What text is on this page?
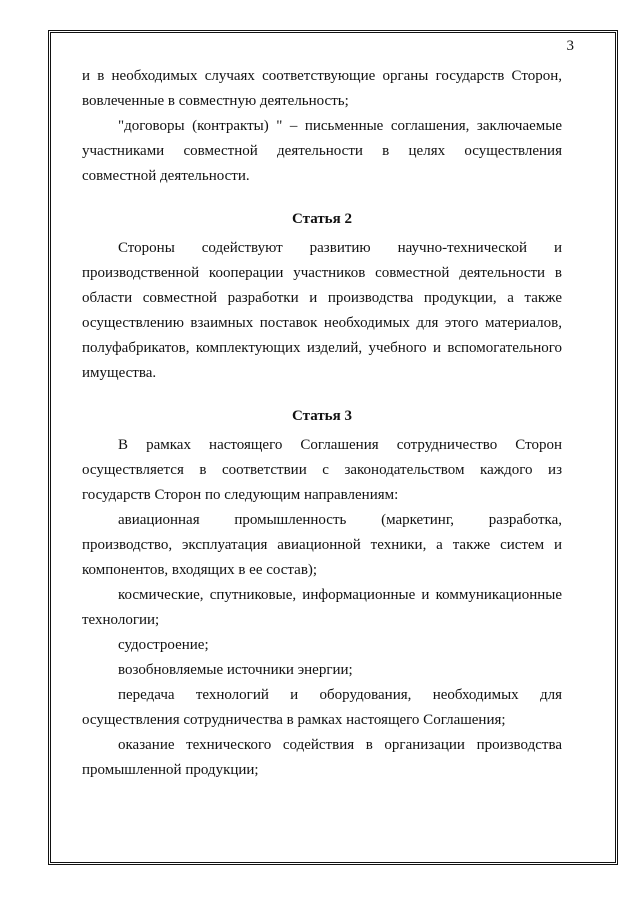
3

и в необходимых случаях соответствующие органы государств Сторон, вовлеченные в совместную деятельность;

"договоры (контракты) " – письменные соглашения, заключаемые участниками совместной деятельности в целях осуществления совместной деятельности.

Статья 2

Стороны содействуют развитию научно-технической и производственной кооперации участников совместной деятельности в области совместной разработки и производства продукции, а также осуществлению взаимных поставок необходимых для этого материалов, полуфабрикатов, комплектующих изделий, учебного и вспомогательного имущества.

Статья 3

В рамках настоящего Соглашения сотрудничество Сторон осуществляется в соответствии с законодательством каждого из государств Сторон по следующим направлениям:

авиационная промышленность (маркетинг, разработка, производство, эксплуатация авиационной техники, а также систем и компонентов, входящих в ее состав);

космические, спутниковые, информационные и коммуникационные технологии;

судостроение;

возобновляемые источники энергии;

передача технологий и оборудования, необходимых для осуществления сотрудничества в рамках настоящего Соглашения;

оказание технического содействия в организации производства промышленной продукции;
